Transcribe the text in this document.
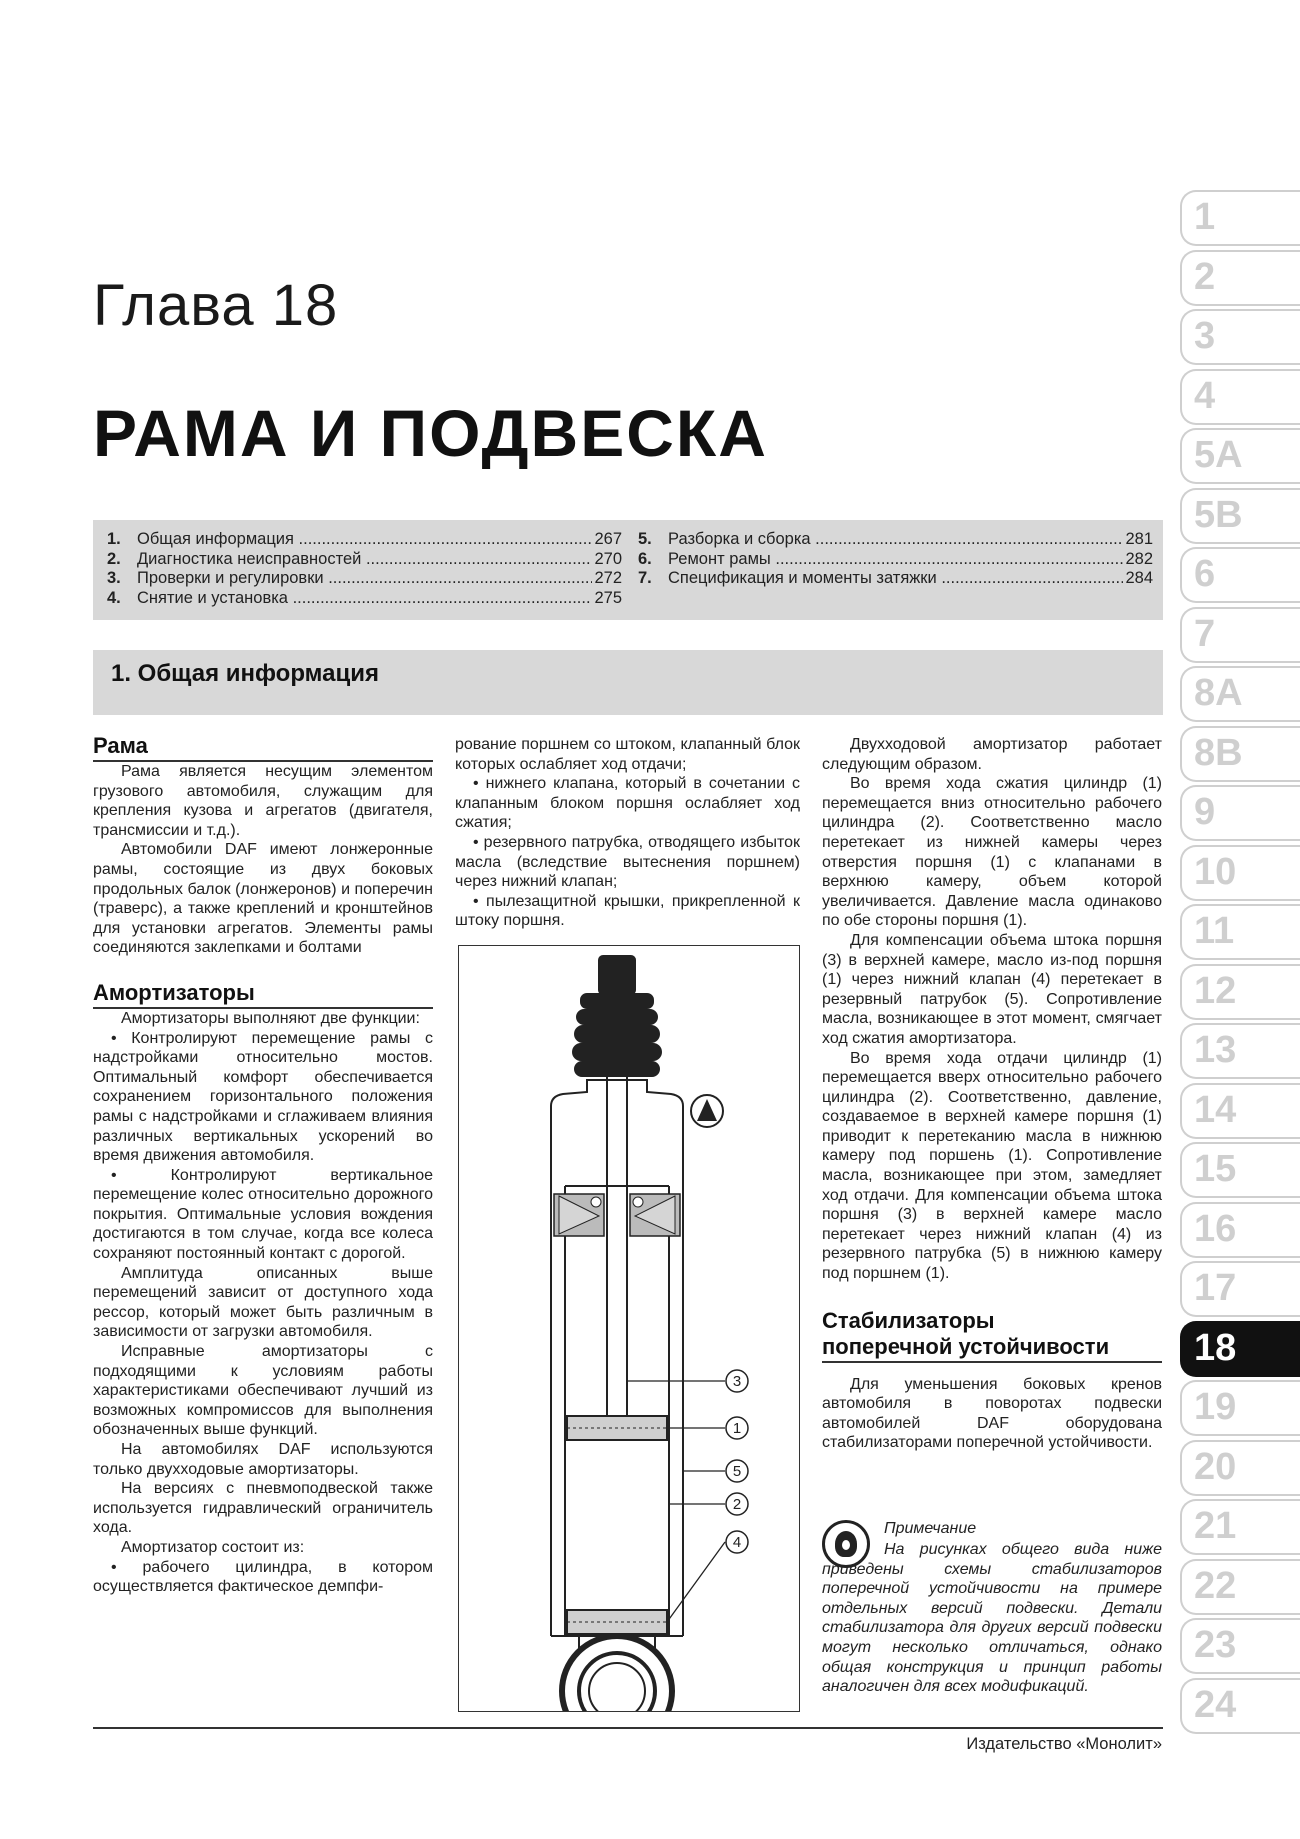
Глава 18
РАМА И ПОДВЕСКА
1. Общая информация .....	267
2. Диагностика неисправностей .....	270
3. Проверки и регулировки .....	272
4. Снятие и установка .....	275
5. Разборка и сборка .....	281
6. Ремонт рамы .....	282
7. Спецификация и моменты затяжки .....	284
1. Общая информация

Рама

Рама является несущим элементом грузового автомобиля, служащим для крепления кузова и агрегатов (двигателя, трансмиссии и т.д.).

Автомобили DAF имеют лонжеронные рамы, состоящие из двух боковых продольных балок (лонжеронов) и поперечин (траверс), а также креплений и кронштейнов для установки агрегатов. Элементы рамы соединяются заклепками и болтами

Амортизаторы

Амортизаторы выполняют две функции:

• Контролируют перемещение рамы с надстройками относительно мостов. Оптимальный комфорт обеспечивается сохранением горизонтального положения рамы с надстройками и сглаживаем влияния различных вертикальных ускорений во время движения автомобиля.

• Контролируют вертикальное перемещение колес относительно дорожного покрытия. Оптимальные условия вождения достигаются в том случае, когда все колеса сохраняют постоянный контакт с дорогой.

Амплитуда описанных выше перемещений зависит от доступного хода рессор, который может быть различным в зависимости от загрузки автомобиля.

Исправные амортизаторы с подходящими к условиям работы характеристиками обеспечивают лучший из возможных компромиссов для выполнения обозначенных выше функций.

На автомобилях DAF используются только двухходовые амортизаторы.

На версиях с пневмоподвеской также используется гидравлический ограничитель хода.

Амортизатор состоит из:

• рабочего цилиндра, в котором осуществляется фактическое демпфи-

рование поршнем со штоком, клапанный блок которых ослабляет ход отдачи;

• нижнего клапана, который в сочетании с клапанным блоком поршня ослабляет ход сжатия;

• резервного патрубка, отводящего избыток масла (вследствие вытеснения поршнем) через нижний клапан;

• пылезащитной крышки, прикрепленной к штоку поршня.

3
1
5
2
4

Двухходовой амортизатор работает следующим образом.

Во время хода сжатия цилиндр (1) перемещается вниз относительно рабочего цилиндра (2). Соответственно масло перетекает из нижней камеры через отверстия поршня (1) с клапанами в верхнюю камеру, объем которой увеличивается. Давление масла одинаково по обе стороны поршня (1).

Для компенсации объема штока поршня (3) в верхней камере, масло из-под поршня (1) через нижний клапан (4) перетекает в резервный патрубок (5). Сопротивление масла, возникающее в этот момент, смягчает ход сжатия амортизатора.

Во время хода отдачи цилиндр (1) перемещается вверх относительно рабочего цилиндра (2). Соответственно, давление, создаваемое в верхней камере поршня (1) приводит к перетеканию масла в нижнюю камеру под поршень (1). Сопротивление масла, возникающее при этом, замедляет ход отдачи. Для компенсации объема штока поршня (3) в верхней камере масло перетекает через нижний клапан (4) из резервного патрубка (5) в нижнюю камеру под поршнем (1).

Стабилизаторы
поперечной устойчивости

Для уменьшения боковых кренов автомобиля в поворотах подвески автомобилей DAF оборудована стабилизаторами поперечной устойчивости.

Примечание
На рисунках общего вида ниже приведены схемы стабилизаторов поперечной устойчивости на примере отдельных версий подвески. Детали стабилизатора для других версий подвески могут несколько отличаться, однако общая конструкция и принцип работы аналогичен для всех модификаций.
Издательство «Монолит»
1
2
3
4
5A
5B
6
7
8A
8B
9
10
11
12
13
14
15
16
17
18
19
20
21
22
23
24
